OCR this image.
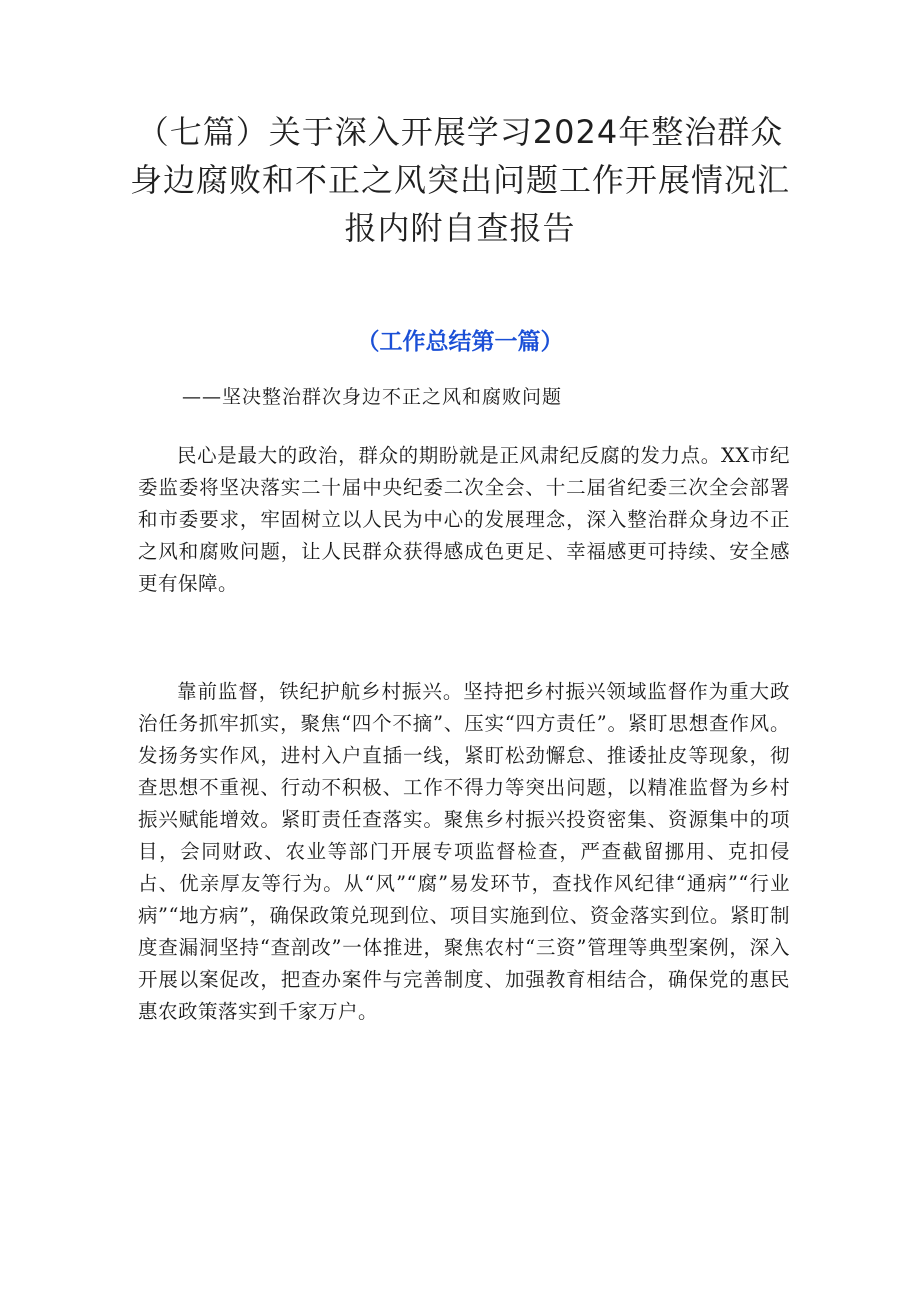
（七篇）关于深入开展学习2024年整治群众身边腐败和不正之风突出问题工作开展情况汇报内附自查报告
（工作总结第一篇）

——坚决整治群次身边不正之风和腐败问题

民心是最大的政治，群众的期盼就是正风肃纪反腐的发力点。XX市纪委监委将坚决落实二十届中央纪委二次全会、十二届省纪委三次全会部署和市委要求，牢固树立以人民为中心的发展理念，深入整治群众身边不正之风和腐败问题，让人民群众获得感成色更足、幸福感更可持续、安全感更有保障。

靠前监督，铁纪护航乡村振兴。坚持把乡村振兴领域监督作为重大政治任务抓牢抓实，聚焦“四个不摘”、压实“四方责任”。紧盯思想查作风。发扬务实作风，进村入户直插一线，紧盯松劲懈怠、推诿扯皮等现象，彻查思想不重视、行动不积极、工作不得力等突出问题，以精准监督为乡村振兴赋能增效。紧盯责任查落实。聚焦乡村振兴投资密集、资源集中的项目，会同财政、农业等部门开展专项监督检查，严查截留挪用、克扣侵占、优亲厚友等行为。从“风”“腐”易发环节，查找作风纪律“通病”“行业病”“地方病”，确保政策兑现到位、项目实施到位、资金落实到位。紧盯制度查漏洞坚持“查剖改”一体推进，聚焦农村“三资”管理等典型案例，深入开展以案促改，把查办案件与完善制度、加强教育相结合，确保党的惠民惠农政策落实到千家万户。
